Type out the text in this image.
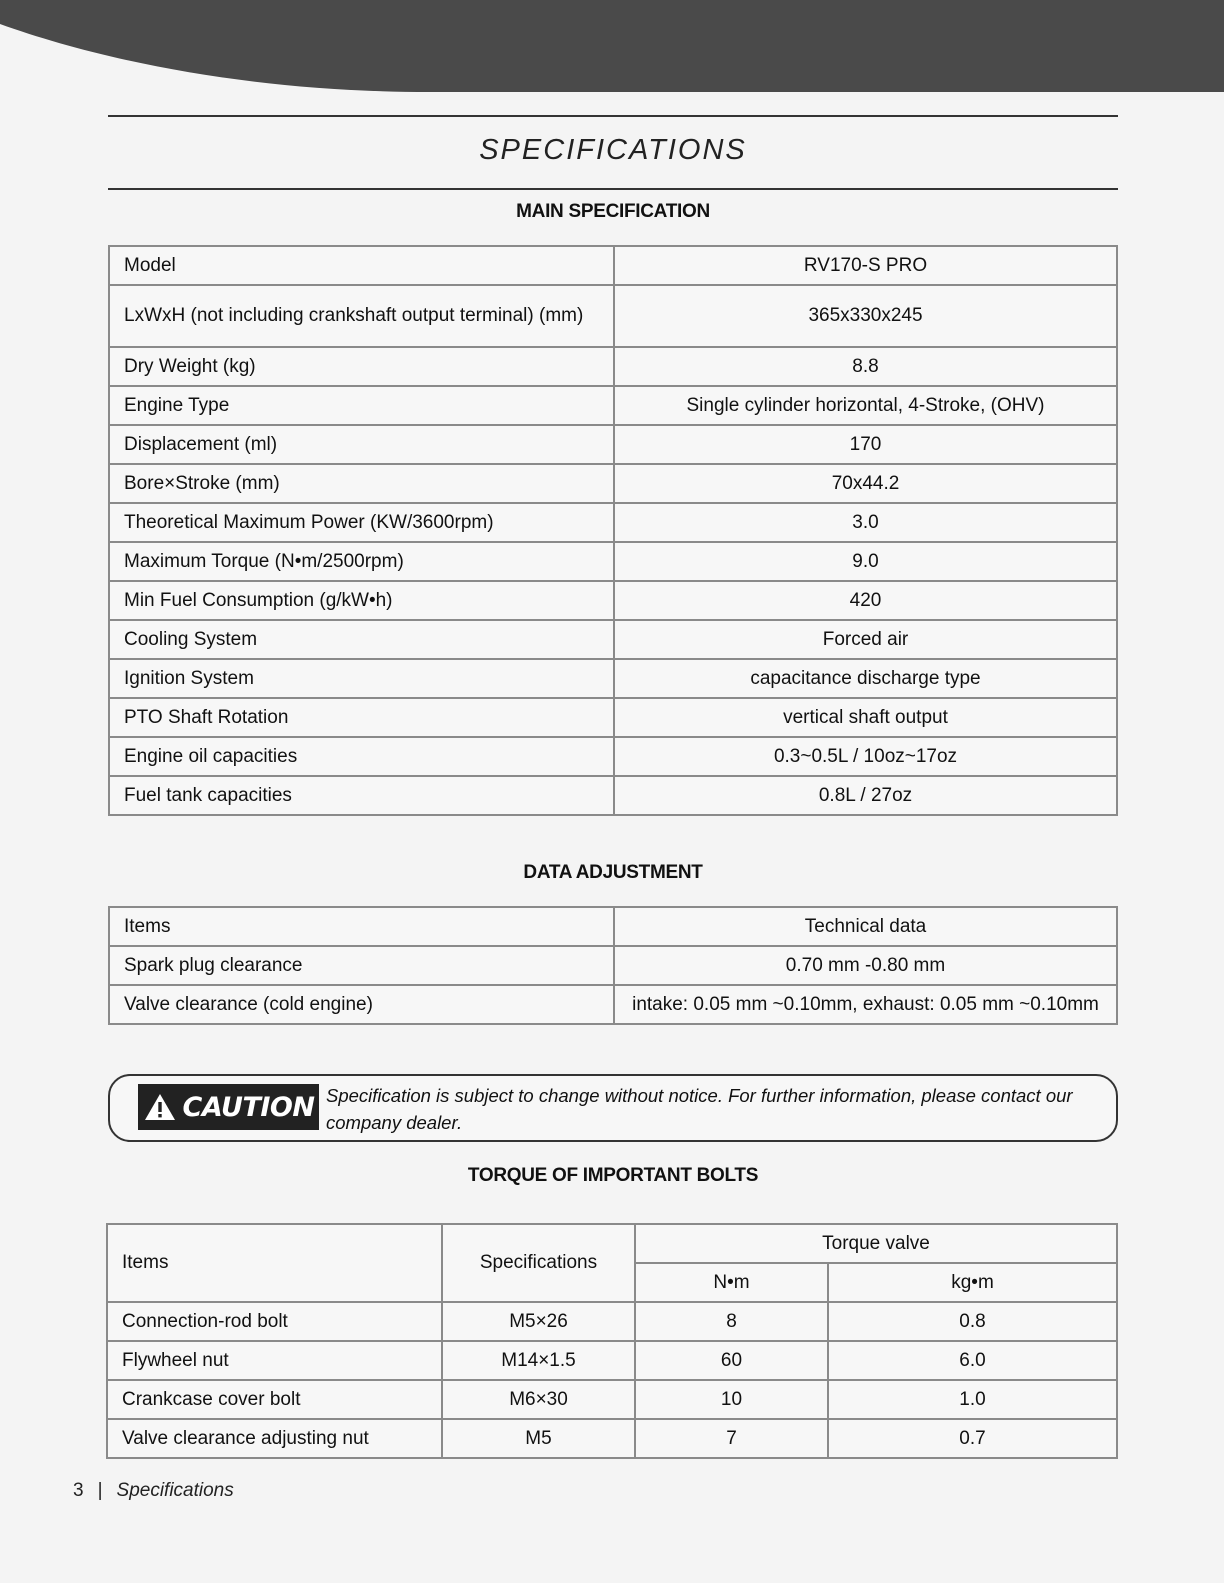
SPECIFICATIONS
MAIN SPECIFICATION
Model	RV170-S PRO
LxWxH (not including crankshaft output terminal) (mm)	365x330x245
Dry Weight (kg)	8.8
Engine Type	Single cylinder horizontal, 4-Stroke, (OHV)
Displacement (ml)	170
Bore×Stroke (mm)	70x44.2
Theoretical Maximum Power (KW/3600rpm)	3.0
Maximum Torque (N•m/2500rpm)	9.0
Min Fuel Consumption (g/kW•h)	420
Cooling System	Forced air
Ignition System	capacitance discharge type
PTO Shaft Rotation	vertical shaft output
Engine oil capacities	0.3~0.5L / 10oz~17oz
Fuel tank capacities	0.8L / 27oz
DATA ADJUSTMENT
Items	Technical data
Spark plug clearance	0.70 mm -0.80 mm
Valve clearance (cold engine)	intake: 0.05 mm ~0.10mm, exhaust: 0.05 mm ~0.10mm
CAUTION Specification is subject to change without notice. For further information, please contact our company dealer.
TORQUE OF IMPORTANT BOLTS
Items	Specifications	Torque valve	
		N•m	kg•m
Connection-rod bolt	M5×26	8	0.8
Flywheel nut	M14×1.5	60	6.0
Crankcase cover bolt	M6×30	10	1.0
Valve clearance adjusting nut	M5	7	0.7
3 | Specifications
